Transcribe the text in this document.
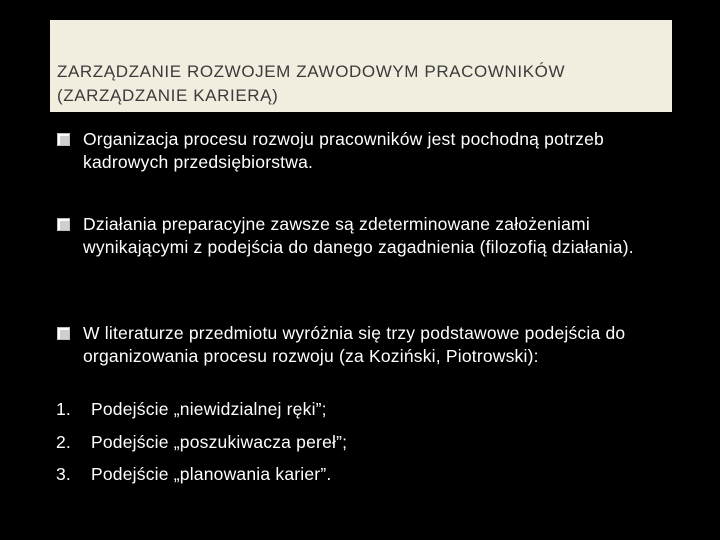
ZARZĄDZANIE ROZWOJEM ZAWODOWYM PRACOWNIKÓW (ZARZĄDZANIE KARIERĄ)
Organizacja procesu rozwoju pracowników jest pochodną potrzeb kadrowych przedsiębiorstwa.
Działania preparacyjne zawsze są zdeterminowane założeniami wynikającymi z podejścia do danego zagadnienia (filozofią działania).
W literaturze przedmiotu wyróżnia się trzy podstawowe podejścia do organizowania procesu rozwoju (za Koziński, Piotrowski):
1. Podejście „niewidzialnej ręki”;
2. Podejście „poszukiwacza pereł”;
3. Podejście „planowania karier”.
